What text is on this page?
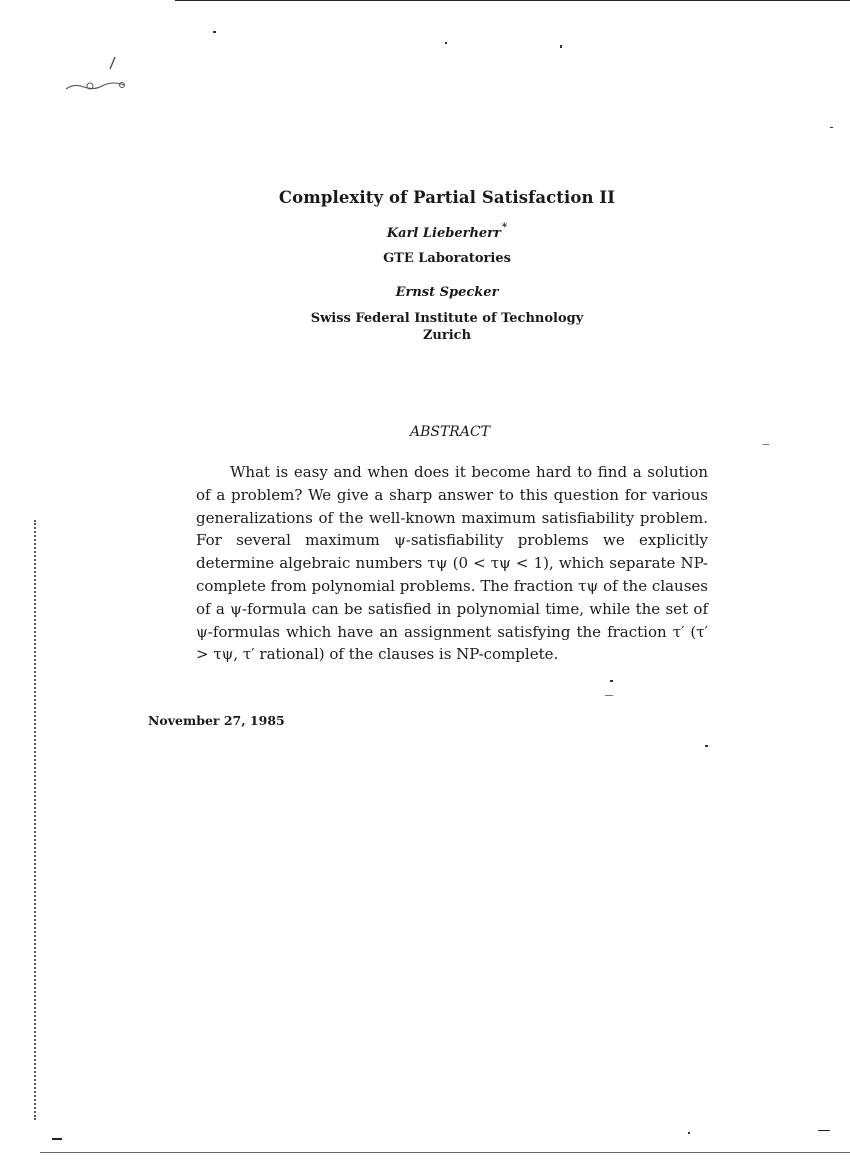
Complexity of Partial Satisfaction II
Karl Lieberherr*
GTE Laboratories
Ernst Specker
Swiss Federal Institute of Technology
Zurich
ABSTRACT

What is easy and when does it become hard to find a solution of a problem? We give a sharp answer to this question for various generalizations of the well-known maximum satisfiability problem. For several maximum ψ-satisfiability problems we explicitly determine algebraic numbers τψ (0 < τψ < 1), which separate NP-complete from polynomial problems. The fraction τψ of the clauses of a ψ-formula can be satisfied in polynomial time, while the set of ψ-formulas which have an assignment satisfying the fraction τ′ (τ′ > τψ, τ′ rational) of the clauses is NP-complete.

November 27, 1985
